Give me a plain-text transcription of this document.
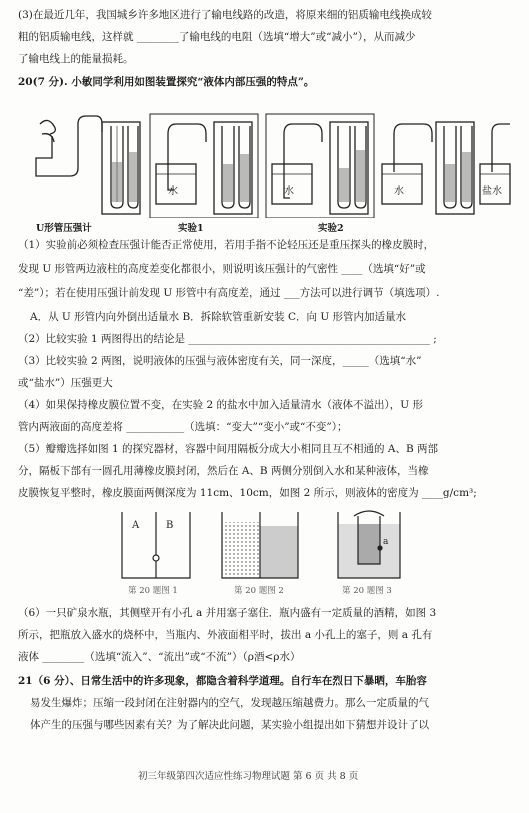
(3)在最近几年，我国城乡许多地区进行了输电线路的改造，将原来细的铝质输电线换成较
粗的铝质输电线，这样就 ________了输电线的电阻（选填“增大”或“减小”），从而减少
了输电线上的能量损耗。
20(7 分). 小敏同学利用如图装置探究“液体内部压强的特点”。
水	水	水	盐水
U形管压强计	实验1	实验2
（1）实验前必须检查压强计能否正常使用，若用手指不论轻压还是重压探头的橡皮膜时，
发现 U 形管两边液柱的高度差变化都很小，则说明该压强计的气密性 ____（选填“好”或
“差”）；若在使用压强计前发现 U 形管中有高度差，通过 ___方法可以进行调节（填选项）.
A．从 U 形管内向外倒出适量水 B．拆除软管重新安装 C．向 U 形管内加适量水
（2）比较实验 1 两图得出的结论是 ______________________________________________ ;
（3）比较实验 2 两图，说明液体的压强与液体密度有关，同一深度，_____（选填“水”
或“盐水”）压强更大
（4）如果保持橡皮膜位置不变，在实验 2 的盐水中加入适量清水（液体不溢出），U 形
管内两液面的高度差将 ___________（选填：“变大”“变小”或“不变”）；
（5）瓣瓣选择如图 1 的探究器材，容器中间用隔板分成大小相同且互不相通的 A、B 两部
分，隔板下部有一圆孔用薄橡皮膜封闭，然后在 A、B 两侧分别倒入水和某种液体，当橡
皮膜恢复平整时，橡皮膜面两侧深度为 11cm、10cm，如图 2 所示，则液体的密度为 ____g/cm³;
A	B
a
第 20 题图 1	第 20 题图 2	第 20 题图 3
（6）一只矿泉水瓶，其侧壁开有小孔 a 并用塞子塞住．瓶内盛有一定质量的酒精，如图 3
所示，把瓶放入盛水的烧杯中，当瓶内、外液面相平时，拔出 a 小孔上的塞子，则 a 孔有
液体 ________（选填“流入”、“流出”或“不流”）（ρ酒<ρ水）
21（6 分）、日常生活中的许多现象，都隐含着科学道理。自行车在烈日下暴晒，车胎容
易发生爆炸；压缩一段封闭在注射器内的空气，发现越压缩越费力。那么一定质量的气
体产生的压强与哪些因素有关？为了解决此问题，某实验小组提出如下猜想并设计了以
初三年级第四次适应性练习物理试题 第 6 页 共 8 页
